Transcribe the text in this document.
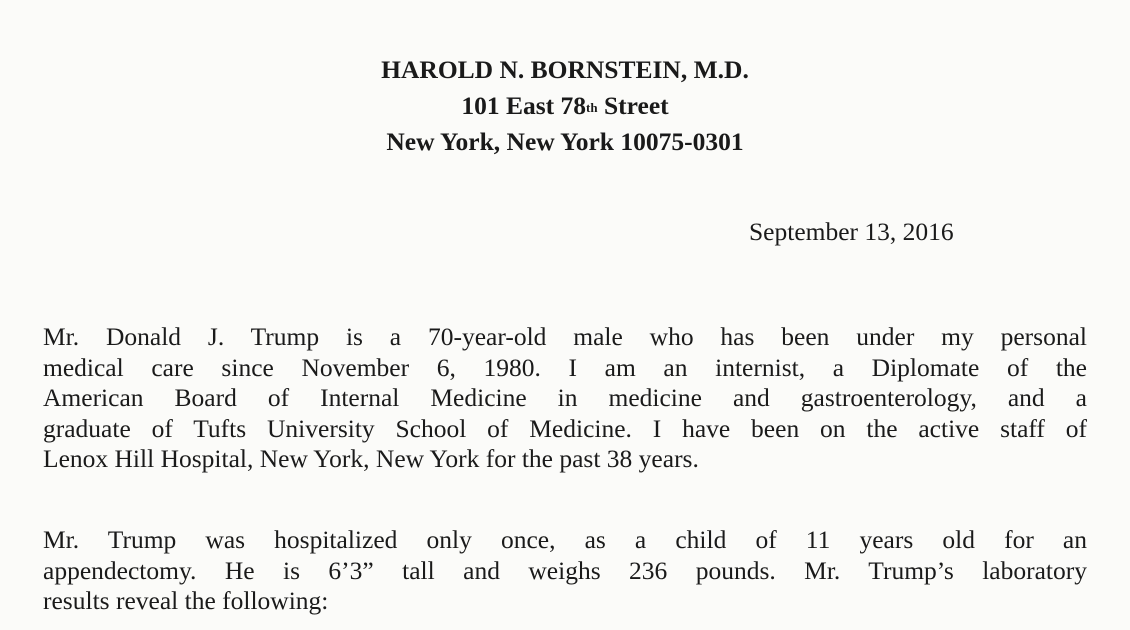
HAROLD N. BORNSTEIN, M.D.
101 East 78th Street
New York, New York 10075-0301
September 13, 2016
Mr. Donald J. Trump is a 70-year-old male who has been under my personal
medical care since November 6, 1980. I am an internist, a Diplomate of the
American Board of Internal Medicine in medicine and gastroenterology, and a
graduate of Tufts University School of Medicine. I have been on the active staff of
Lenox Hill Hospital, New York, New York for the past 38 years.
Mr. Trump was hospitalized only once, as a child of 11 years old for an
appendectomy. He is 6’3” tall and weighs 236 pounds. Mr. Trump’s laboratory
results reveal the following:
